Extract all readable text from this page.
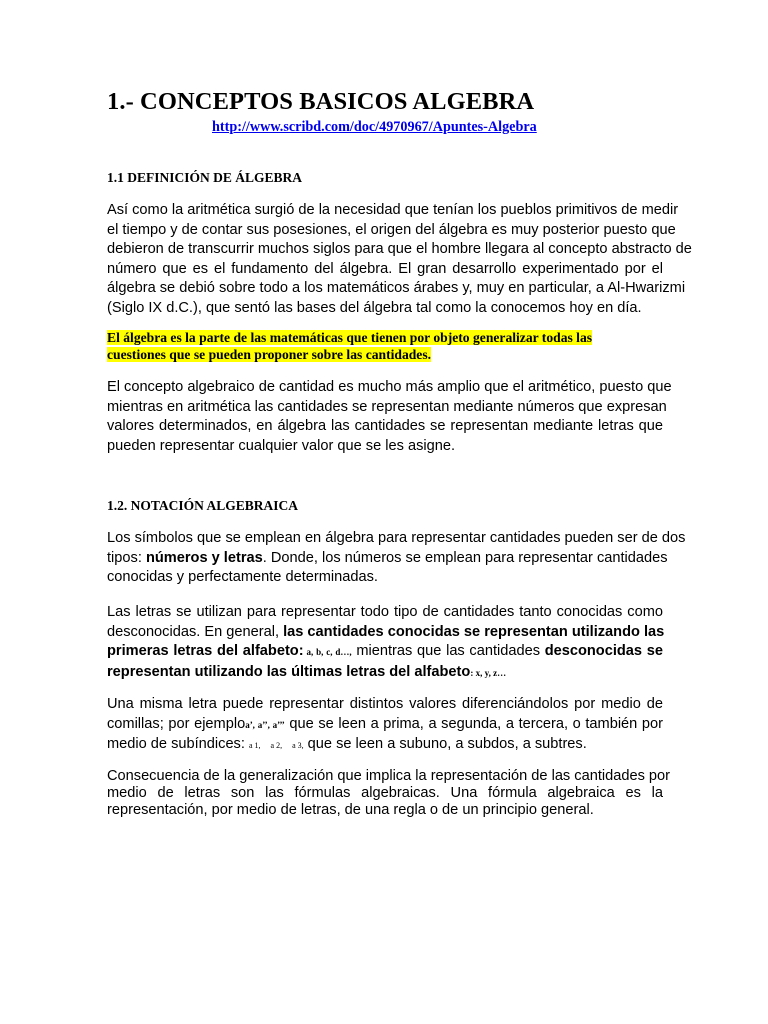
1.- CONCEPTOS BASICOS ALGEBRA
http://www.scribd.com/doc/4970967/Apuntes-Algebra
1.1 DEFINICIÓN DE ÁLGEBRA

Así como la aritmética surgió de la necesidad que tenían los pueblos primitivos de medir
el tiempo y de contar sus posesiones, el origen del álgebra es muy posterior puesto que
debieron de transcurrir muchos siglos para que el hombre llegara al concepto abstracto de
número que es el fundamento del álgebra. El gran desarrollo experimentado por el
álgebra se debió sobre todo a los matemáticos árabes y, muy en particular, a Al-Hwarizmi
(Siglo IX d.C.), que sentó las bases del álgebra tal como la conocemos hoy en día.

El álgebra es la parte de las matemáticas que tienen por objeto generalizar todas las
cuestiones que se pueden proponer sobre las cantidades.

El concepto algebraico de cantidad es mucho más amplio que el aritmético, puesto que
mientras en aritmética las cantidades se representan mediante números que expresan
valores determinados, en álgebra las cantidades se representan mediante letras que
pueden representar cualquier valor que se les asigne.

1.2. NOTACIÓN ALGEBRAICA

Los símbolos que se emplean en álgebra para representar cantidades pueden ser de dos
tipos: números y letras. Donde, los números se emplean para representar cantidades
conocidas y perfectamente determinadas.

Las letras se utilizan para representar todo tipo de cantidades tanto conocidas como
desconocidas. En general, las cantidades conocidas se representan utilizando las
primeras letras del alfabeto: a, b, c, d…, mientras que las cantidades desconocidas se
representan utilizando las últimas letras del alfabeto: x, y, z…

Una misma letra puede representar distintos valores diferenciándolos por medio de
comillas; por ejemploa’, a’’, a’’’ que se leen a prima, a segunda, a tercera, o también por
medio de subíndices: a 1,     a 2,     a 3, que se leen a subuno, a subdos, a subtres.

Consecuencia de la generalización que implica la representación de las cantidades por
medio de letras son las fórmulas algebraicas. Una fórmula algebraica es la
representación, por medio de letras, de una regla o de un principio general.
